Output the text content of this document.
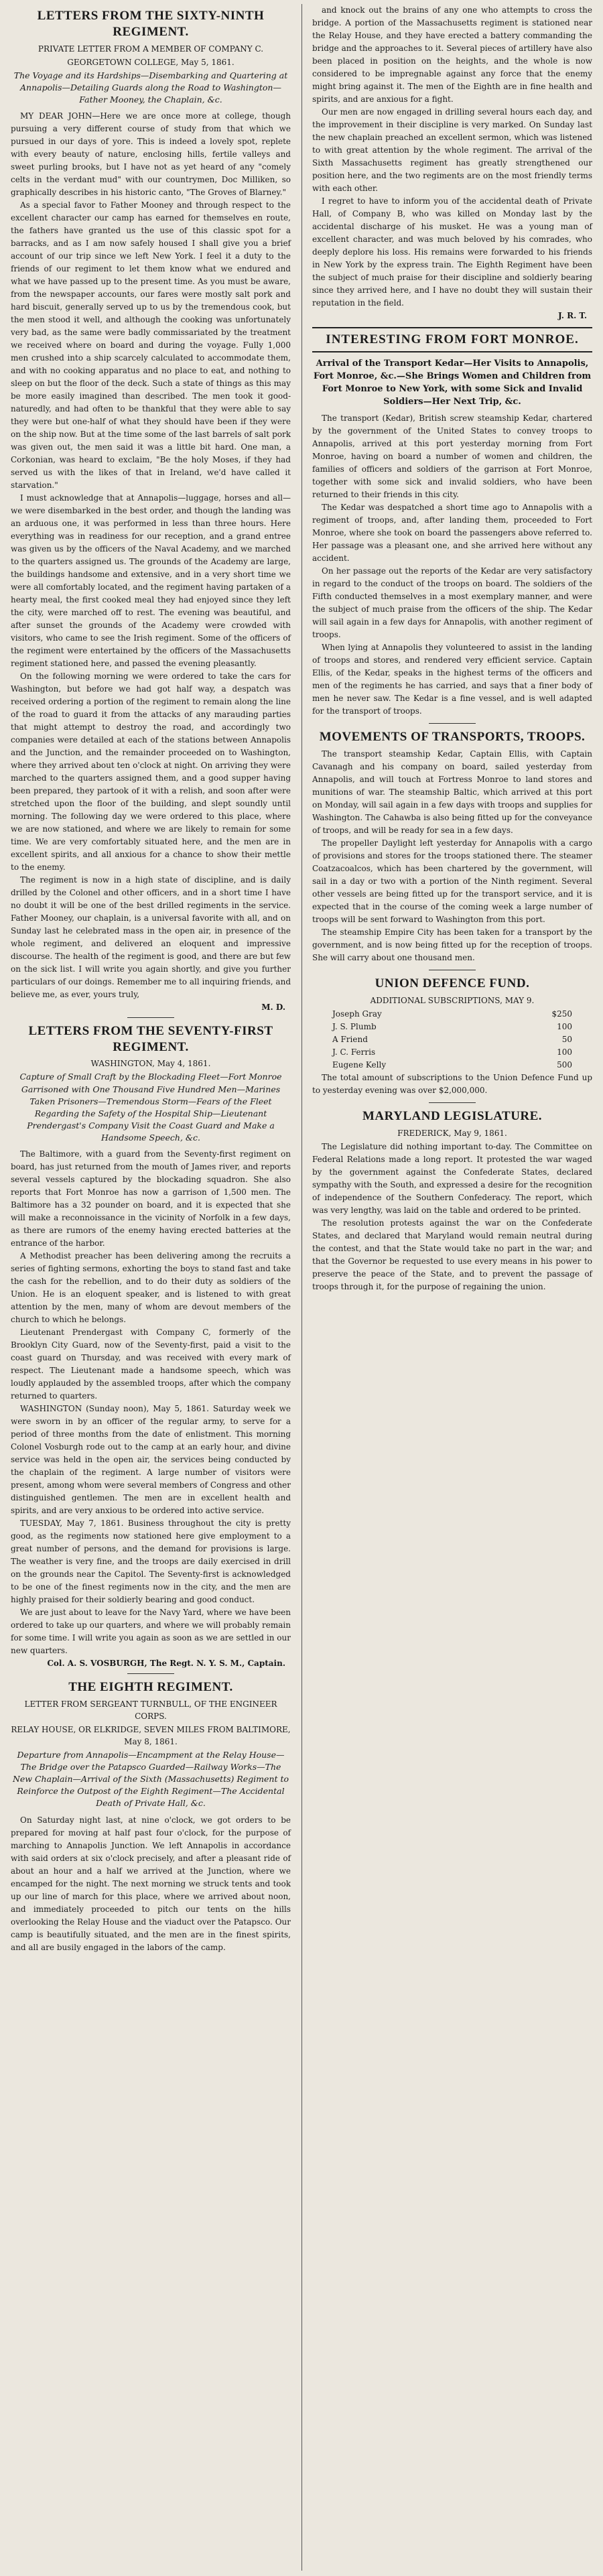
LETTERS FROM THE SIXTY-NINTH REGIMENT.
PRIVATE LETTER FROM A MEMBER OF COMPANY C.
GEORGETOWN COLLEGE, May 5, 1861.
The Voyage and its Hardships—Disembarking and Quartering at Annapolis—Detailing Guards along the Road to Washington—Father Mooney, the Chaplain, &c.

MY DEAR JOHN—Here we are once more at college, though pursuing a very different course of study from that which we pursued in our days of yore. This is indeed a lovely spot, replete with every beauty of nature, enclosing hills, fertile valleys and sweet purling brooks, but I have not as yet heard of any "comely celts in the verdant mud" with our countrymen, Doc Milliken, so graphically describes in his historic canto, "The Groves of Blarney."

As a special favor to Father Mooney and through respect to the excellent character our camp has earned for themselves en route, the fathers have granted us the use of this classic spot for a barracks, and as I am now safely housed I shall give you a brief account of our trip since we left New York. I feel it a duty to the friends of our regiment to let them know what we endured and what we have passed up to the present time. As you must be aware, from the newspaper accounts, our fares were mostly salt pork and hard biscuit, generally served up to us by the tremendous cook, but the men stood it well, and although the cooking was unfortunately very bad, as the same were badly commissariated by the treatment we received where on board and during the voyage. Fully 1,000 men crushed into a ship scarcely calculated to accommodate them, and with no cooking apparatus and no place to eat, and nothing to sleep on but the floor of the deck. Such a state of things as this may be more easily imagined than described. The men took it good-naturedly, and had often to be thankful that they were able to say they were but one-half of what they should have been if they were on the ship now. But at the time some of the last barrels of salt pork was given out, the men said it was a little bit hard. One man, a Corkonian, was heard to exclaim, "Be the holy Moses, if they had served us with the likes of that in Ireland, we'd have called it starvation."

I must acknowledge that at Annapolis—luggage, horses and all—we were disembarked in the best order, and though the landing was an arduous one, it was performed in less than three hours. Here everything was in readiness for our reception, and a grand entree was given us by the officers of the Naval Academy, and we marched to the quarters assigned us. The grounds of the Academy are large, the buildings handsome and extensive, and in a very short time we were all comfortably located, and the regiment having partaken of a hearty meal, the first cooked meal they had enjoyed since they left the city, were marched off to rest. The evening was beautiful, and after sunset the grounds of the Academy were crowded with visitors, who came to see the Irish regiment. Some of the officers of the regiment were entertained by the officers of the Massachusetts regiment stationed here, and passed the evening pleasantly.

On the following morning we were ordered to take the cars for Washington, but before we had got half way, a despatch was received ordering a portion of the regiment to remain along the line of the road to guard it from the attacks of any marauding parties that might attempt to destroy the road, and accordingly two companies were detailed at each of the stations between Annapolis and the Junction, and the remainder proceeded on to Washington, where they arrived about ten o'clock at night. On arriving they were marched to the quarters assigned them, and a good supper having been prepared, they partook of it with a relish, and soon after were stretched upon the floor of the building, and slept soundly until morning. The following day we were ordered to this place, where we are now stationed, and where we are likely to remain for some time. We are very comfortably situated here, and the men are in excellent spirits, and all anxious for a chance to show their mettle to the enemy.

The regiment is now in a high state of discipline, and is daily drilled by the Colonel and other officers, and in a short time I have no doubt it will be one of the best drilled regiments in the service. Father Mooney, our chaplain, is a universal favorite with all, and on Sunday last he celebrated mass in the open air, in presence of the whole regiment, and delivered an eloquent and impressive discourse. The health of the regiment is good, and there are but few on the sick list. I will write you again shortly, and give you further particulars of our doings. Remember me to all inquiring friends, and believe me, as ever, yours truly,

M. D.
LETTERS FROM THE SEVENTY-FIRST REGIMENT.
WASHINGTON, May 4, 1861.
Capture of Small Craft by the Blockading Fleet—Fort Monroe Garrisoned with One Thousand Five Hundred Men—Marines Taken Prisoners—Tremendous Storm—Fears of the Fleet Regarding the Safety of the Hospital Ship—Lieutenant Prendergast's Company Visit the Coast Guard and Make a Handsome Speech, &c.

The Baltimore, with a guard from the Seventy-first regiment on board, has just returned from the mouth of James river, and reports several vessels captured by the blockading squadron. She also reports that Fort Monroe has now a garrison of 1,500 men. The Baltimore has a 32 pounder on board, and it is expected that she will make a reconnoissance in the vicinity of Norfolk in a few days, as there are rumors of the enemy having erected batteries at the entrance of the harbor.

A Methodist preacher has been delivering among the recruits a series of fighting sermons, exhorting the boys to stand fast and take the cash for the rebellion, and to do their duty as soldiers of the Union. He is an eloquent speaker, and is listened to with great attention by the men, many of whom are devout members of the church to which he belongs.

Lieutenant Prendergast with Company C, formerly of the Brooklyn City Guard, now of the Seventy-first, paid a visit to the coast guard on Thursday, and was received with every mark of respect. The Lieutenant made a handsome speech, which was loudly applauded by the assembled troops, after which the company returned to quarters.

WASHINGTON (Sunday noon), May 5, 1861. Saturday week we were sworn in by an officer of the regular army, to serve for a period of three months from the date of enlistment. This morning Colonel Vosburgh rode out to the camp at an early hour, and divine service was held in the open air, the services being conducted by the chaplain of the regiment. A large number of visitors were present, among whom were several members of Congress and other distinguished gentlemen. The men are in excellent health and spirits, and are very anxious to be ordered into active service.

TUESDAY, May 7, 1861. Business throughout the city is pretty good, as the regiments now stationed here give employment to a great number of persons, and the demand for provisions is large. The weather is very fine, and the troops are daily exercised in drill on the grounds near the Capitol. The Seventy-first is acknowledged to be one of the finest regiments now in the city, and the men are highly praised for their soldierly bearing and good conduct.

We are just about to leave for the Navy Yard, where we have been ordered to take up our quarters, and where we will probably remain for some time. I will write you again as soon as we are settled in our new quarters.

Col. A. S. VOSBURGH, The Regt. N. Y. S. M., Captain.
THE EIGHTH REGIMENT.
LETTER FROM SERGEANT TURNBULL, OF THE ENGINEER CORPS.
RELAY HOUSE, OR ELKRIDGE, SEVEN MILES FROM BALTIMORE, May 8, 1861.
Departure from Annapolis—Encampment at the Relay House—The Bridge over the Patapsco Guarded—Railway Works—The New Chaplain—Arrival of the Sixth (Massachusetts) Regiment to Reinforce the Outpost of the Eighth Regiment—The Accidental Death of Private Hall, &c.

On Saturday night last, at nine o'clock, we got orders to be prepared for moving at half past four o'clock, for the purpose of marching to Annapolis Junction. We left Annapolis in accordance with said orders at six o'clock precisely, and after a pleasant ride of about an hour and a half we arrived at the Junction, where we encamped for the night. The next morning we struck tents and took up our line of march for this place, where we arrived about noon, and immediately proceeded to pitch our tents on the hills overlooking the Relay House and the viaduct over the Patapsco. Our camp is beautifully situated, and the men are in the finest spirits, and all are busily engaged in the labors of the camp.

and knock out the brains of any one who attempts to cross the bridge. A portion of the Massachusetts regiment is stationed near the Relay House, and they have erected a battery commanding the bridge and the approaches to it. Several pieces of artillery have also been placed in position on the heights, and the whole is now considered to be impregnable against any force that the enemy might bring against it. The men of the Eighth are in fine health and spirits, and are anxious for a fight.

Our men are now engaged in drilling several hours each day, and the improvement in their discipline is very marked. On Sunday last the new chaplain preached an excellent sermon, which was listened to with great attention by the whole regiment. The arrival of the Sixth Massachusetts regiment has greatly strengthened our position here, and the two regiments are on the most friendly terms with each other.

I regret to have to inform you of the accidental death of Private Hall, of Company B, who was killed on Monday last by the accidental discharge of his musket. He was a young man of excellent character, and was much beloved by his comrades, who deeply deplore his loss. His remains were forwarded to his friends in New York by the express train. The Eighth Regiment have been the subject of much praise for their discipline and soldierly bearing since they arrived here, and I have no doubt they will sustain their reputation in the field.

J. R. T.
INTERESTING FROM FORT MONROE.
Arrival of the Transport Kedar—Her Visits to Annapolis, Fort Monroe, &c.—She Brings Women and Children from Fort Monroe to New York, with some Sick and Invalid Soldiers—Her Next Trip, &c.

The transport (Kedar), British screw steamship Kedar, chartered by the government of the United States to convey troops to Annapolis, arrived at this port yesterday morning from Fort Monroe, having on board a number of women and children, the families of officers and soldiers of the garrison at Fort Monroe, together with some sick and invalid soldiers, who have been returned to their friends in this city.

The Kedar was despatched a short time ago to Annapolis with a regiment of troops, and, after landing them, proceeded to Fort Monroe, where she took on board the passengers above referred to. Her passage was a pleasant one, and she arrived here without any accident.

On her passage out the reports of the Kedar are very satisfactory in regard to the conduct of the troops on board. The soldiers of the Fifth conducted themselves in a most exemplary manner, and were the subject of much praise from the officers of the ship. The Kedar will sail again in a few days for Annapolis, with another regiment of troops.

When lying at Annapolis they volunteered to assist in the landing of troops and stores, and rendered very efficient service. Captain Ellis, of the Kedar, speaks in the highest terms of the officers and men of the regiments he has carried, and says that a finer body of men he never saw. The Kedar is a fine vessel, and is well adapted for the transport of troops.

MOVEMENTS OF TRANSPORTS, TROOPS.

The transport steamship Kedar, Captain Ellis, with Captain Cavanagh and his company on board, sailed yesterday from Annapolis, and will touch at Fortress Monroe to land stores and munitions of war. The steamship Baltic, which arrived at this port on Monday, will sail again in a few days with troops and supplies for Washington. The Cahawba is also being fitted up for the conveyance of troops, and will be ready for sea in a few days.

The propeller Daylight left yesterday for Annapolis with a cargo of provisions and stores for the troops stationed there. The steamer Coatzacoalcos, which has been chartered by the government, will sail in a day or two with a portion of the Ninth regiment. Several other vessels are being fitted up for the transport service, and it is expected that in the course of the coming week a large number of troops will be sent forward to Washington from this port.

The steamship Empire City has been taken for a transport by the government, and is now being fitted up for the reception of troops. She will carry about one thousand men.

UNION DEFENCE FUND.
ADDITIONAL SUBSCRIPTIONS, MAY 9.
Joseph Gray	$250
J. S. Plumb	100
A Friend	50
J. C. Ferris	100
Eugene Kelly	500

The total amount of subscriptions to the Union Defence Fund up to yesterday evening was over $2,000,000.

MARYLAND LEGISLATURE.
FREDERICK, May 9, 1861.

The Legislature did nothing important to-day. The Committee on Federal Relations made a long report. It protested the war waged by the government against the Confederate States, declared sympathy with the South, and expressed a desire for the recognition of independence of the Southern Confederacy. The report, which was very lengthy, was laid on the table and ordered to be printed.

The resolution protests against the war on the Confederate States, and declared that Maryland would remain neutral during the contest, and that the State would take no part in the war; and that the Governor be requested to use every means in his power to preserve the peace of the State, and to prevent the passage of troops through it, for the purpose of regaining the union.
